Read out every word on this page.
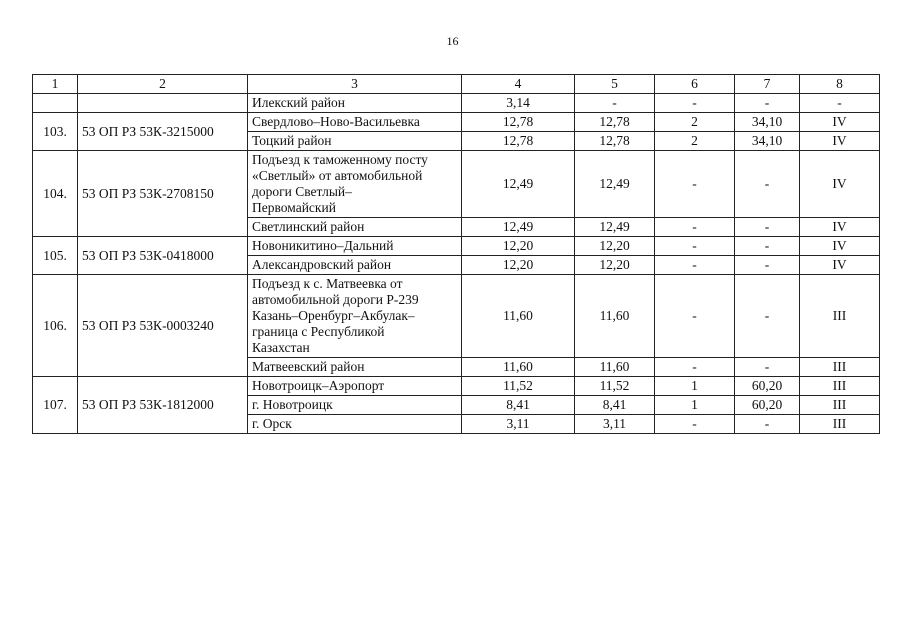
16
1	2	3	4	5	6	7	8
		Илекский район	3,14	-	-	-	-
103.	53 ОП РЗ 53К-3215000	Свердлово–Ново-Васильевка	12,78	12,78	2	34,10	IV
		Тоцкий район	12,78	12,78	2	34,10	IV
104.	53 ОП РЗ 53К-2708150	Подъезд к таможенному посту
«Светлый» от автомобильной
дороги Светлый–
Первомайский	12,49	12,49	-	-	IV
		Светлинский район	12,49	12,49	-	-	IV
105.	53 ОП РЗ 53К-0418000	Новоникитино–Дальний	12,20	12,20	-	-	IV
		Александровский район	12,20	12,20	-	-	IV
106.	53 ОП РЗ 53К-0003240	Подъезд к с. Матвеевка от
автомобильной дороги Р-239
Казань–Оренбург–Акбулак–
граница с Республикой
Казахстан	11,60	11,60	-	-	III
		Матвеевский район	11,60	11,60	-	-	III
107.	53 ОП РЗ 53К-1812000	Новотроицк–Аэропорт	11,52	11,52	1	60,20	III
		г. Новотроицк	8,41	8,41	1	60,20	III
		г. Орск	3,11	3,11	-	-	III
